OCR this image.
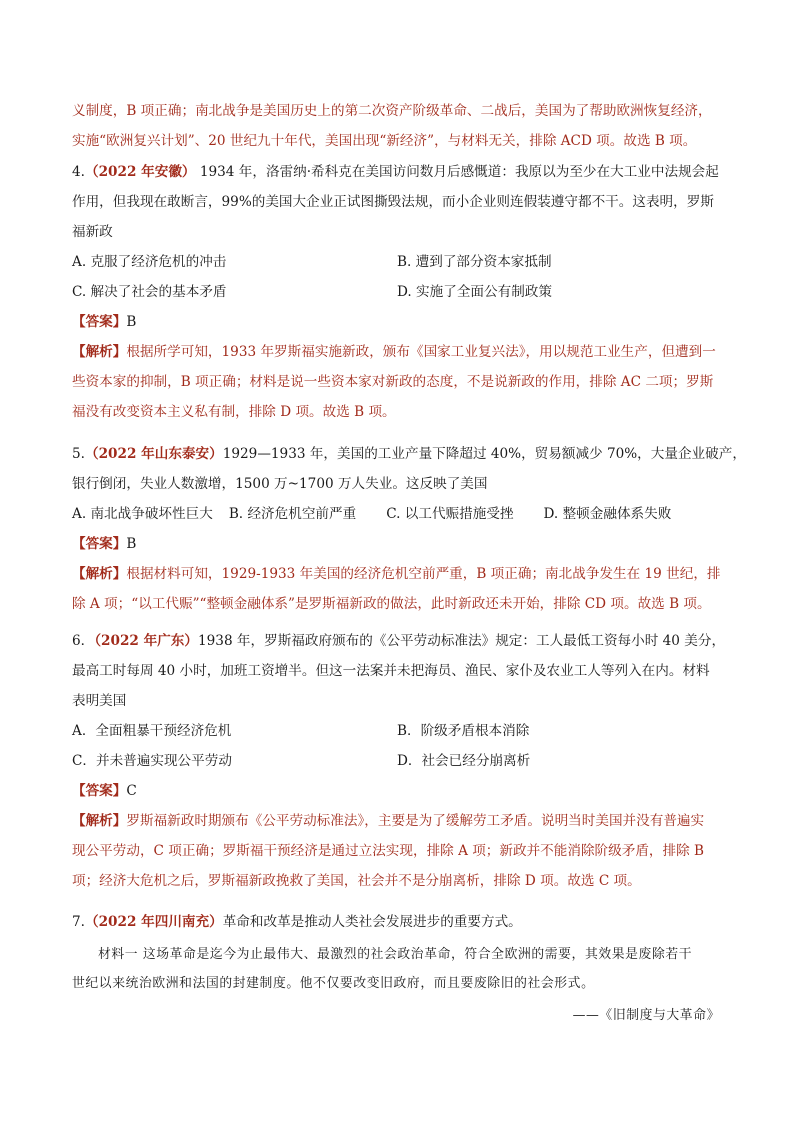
义制度，B 项正确；南北战争是美国历史上的第二次资产阶级革命、二战后，美国为了帮助欧洲恢复经济，
实施“欧洲复兴计划”、20 世纪九十年代，美国出现“新经济”，与材料无关，排除 ACD 项。故选 B 项。
4.（2022 年安徽） 1934 年，洛雷纳·希科克在美国访问数月后感慨道：我原以为至少在大工业中法规会起
作用，但我现在敢断言，99%的美国大企业正试图撕毁法规，而小企业则连假装遵守都不干。这表明，罗斯
福新政
A. 克服了经济危机的冲击	B. 遭到了部分资本家抵制
C. 解决了社会的基本矛盾	D. 实施了全面公有制政策
【答案】B
【解析】根据所学可知，1933 年罗斯福实施新政，颁布《国家工业复兴法》，用以规范工业生产，但遭到一
些资本家的抑制，B 项正确；材料是说一些资本家对新政的态度，不是说新政的作用，排除 AC 二项；罗斯
福没有改变资本主义私有制，排除 D 项。故选 B 项。
5.（2022 年山东泰安）1929—1933 年，美国的工业产量下降超过 40%，贸易额减少 70%，大量企业破产，
银行倒闭，失业人数激增，1500 万~1700 万人失业。这反映了美国
A. 南北战争破坏性巨大 B. 经济危机空前严重 C. 以工代赈措施受挫 D. 整顿金融体系失败
【答案】B
【解析】根据材料可知，1929-1933 年美国的经济危机空前严重，B 项正确；南北战争发生在 19 世纪，排
除 A 项；“以工代赈”“整顿金融体系”是罗斯福新政的做法，此时新政还未开始，排除 CD 项。故选 B 项。
6．（2022 年广东）1938 年，罗斯福政府颁布的《公平劳动标准法》规定：工人最低工资每小时 40 美分，
最高工时每周 40 小时，加班工资增半。但这一法案并未把海员、渔民、家仆及农业工人等列入在内。材料
表明美国
A．全面粗暴干预经济危机	B．阶级矛盾根本消除
C．并未普遍实现公平劳动	D．社会已经分崩离析
【答案】C
【解析】罗斯福新政时期颁布《公平劳动标准法》，主要是为了缓解劳工矛盾。说明当时美国并没有普遍实
现公平劳动，C 项正确；罗斯福干预经济是通过立法实现，排除 A 项；新政并不能消除阶级矛盾，排除 B
项；经济大危机之后，罗斯福新政挽救了美国，社会并不是分崩离析，排除 D 项。故选 C 项。
7.（2022 年四川南充）革命和改革是推动人类社会发展进步的重要方式。
材料一 这场革命是迄今为止最伟大、最激烈的社会政治革命，符合全欧洲的需要，其效果是废除若干
世纪以来统治欧洲和法国的封建制度。他不仅要改变旧政府，而且要废除旧的社会形式。
——《旧制度与大革命》
